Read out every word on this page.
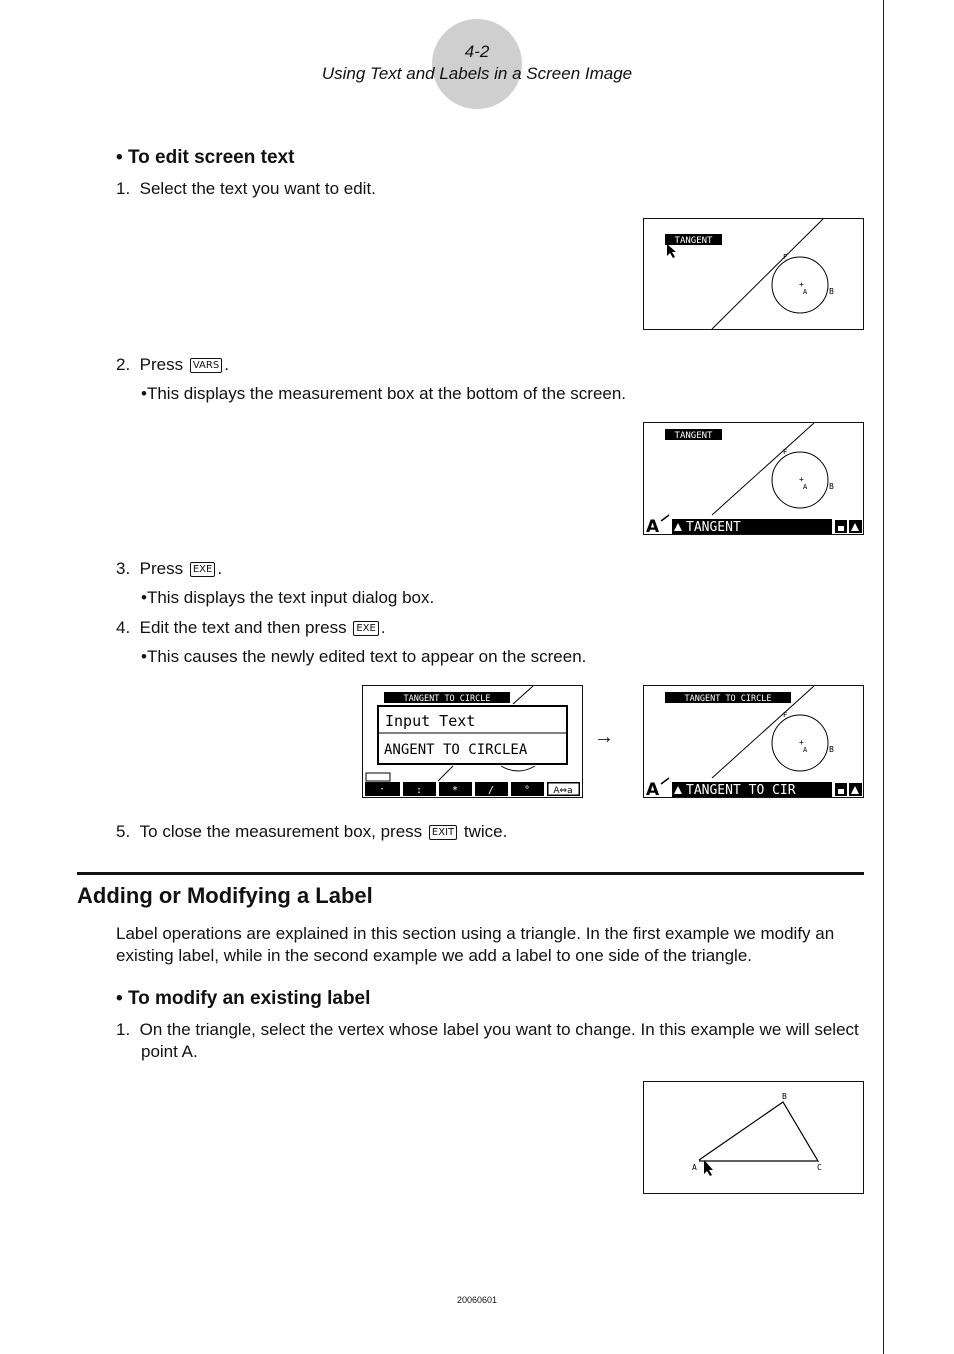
4-2
Using Text and Labels in a Screen Image
• To edit screen text
1. Select the text you want to edit.
TANGENT
+
A	B
F
2. Press VARS .
•This displays the measurement box at the bottom of the screen.
TANGENT
+
A	B
F
A TANGENT
3. Press EXE .
•This displays the text input dialog box.
4. Edit the text and then press EXE .
•This causes the newly edited text to appear on the screen.
TANGENT TO CIRCLE
Input Text
ANGENT TO CIRCLEA
·	:	*	/	°	A⇔a
→
TANGENT TO CIRCLE
+
A	B
F
A TANGENT TO CIR
5. To close the measurement box, press EXIT twice.
Adding or Modifying a Label
Label operations are explained in this section using a triangle. In the first example we modify an existing label, while in the second example we add a label to one side of the triangle.
• To modify an existing label
1. On the triangle, select the vertex whose label you want to change. In this example we will select point A.
B
A	C
20060601
